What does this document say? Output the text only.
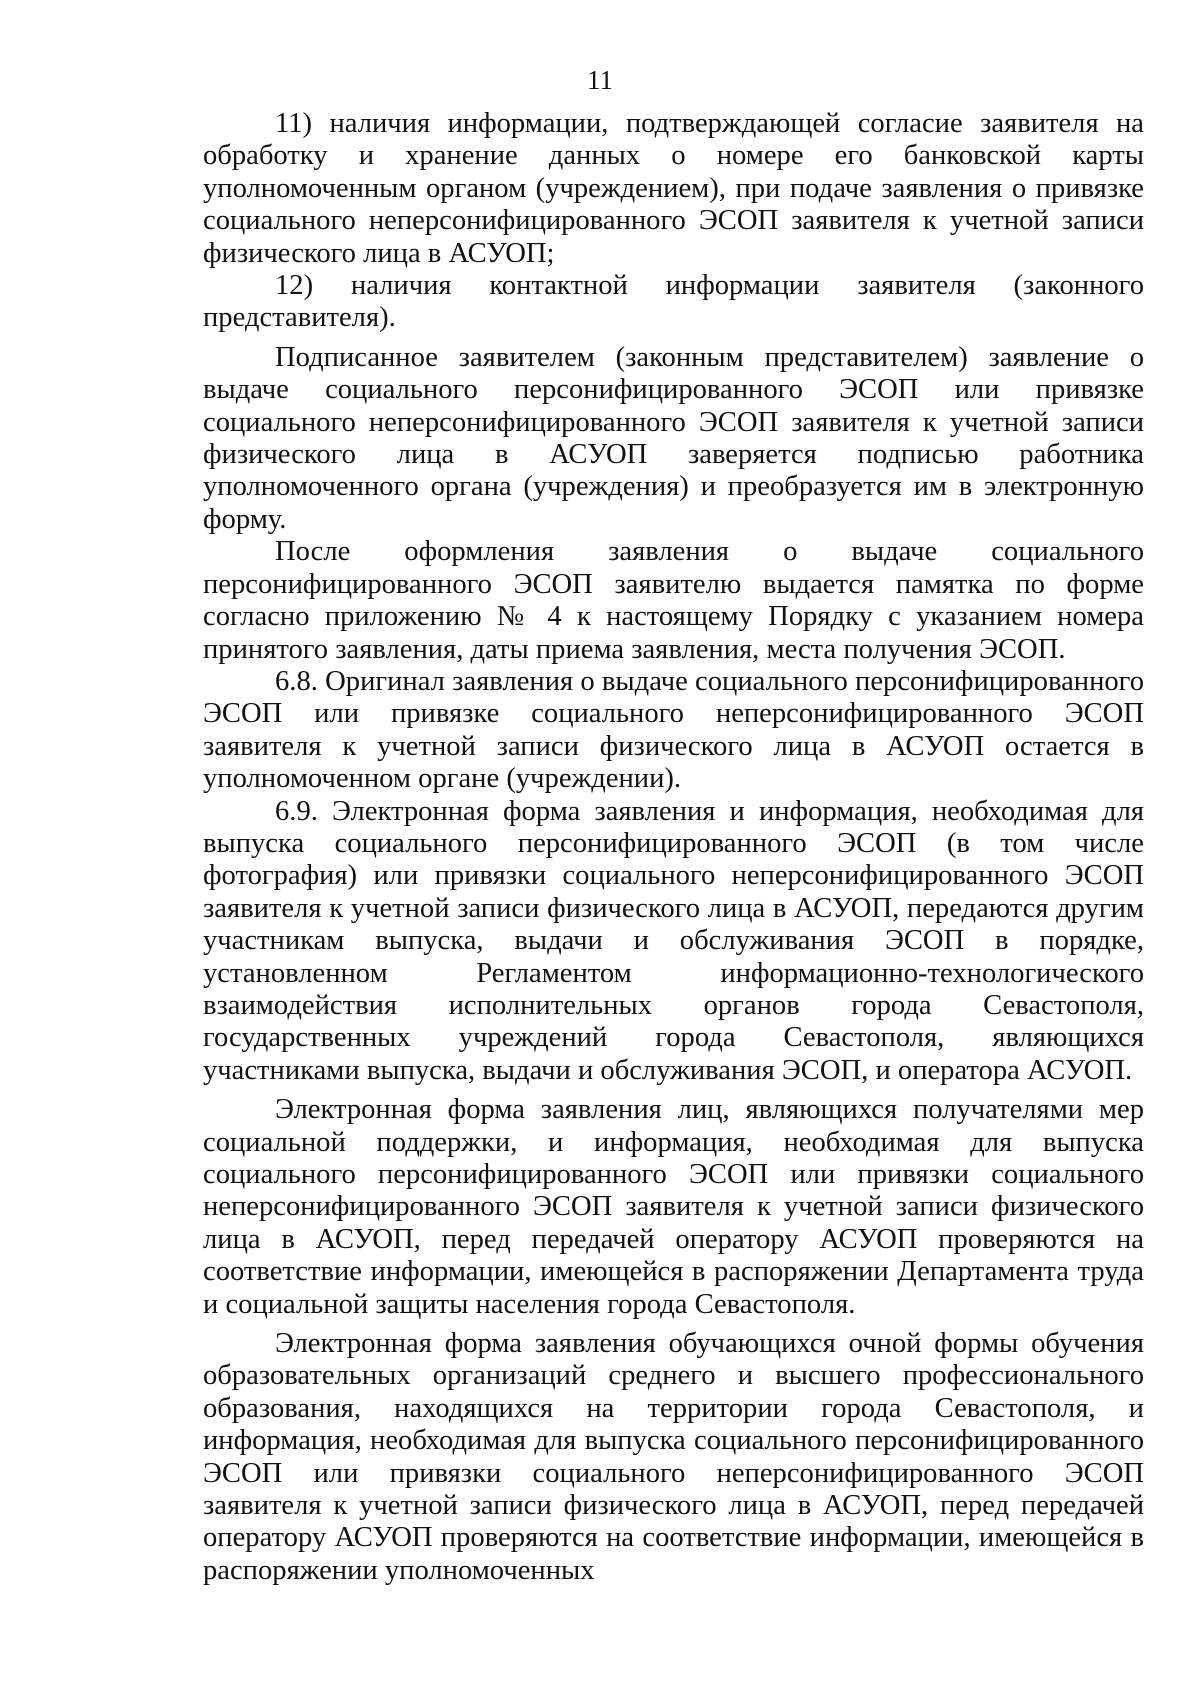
11

11) наличия информации, подтверждающей согласие заявителя на обработку и хранение данных о номере его банковской карты уполномоченным органом (учреждением), при подаче заявления о привязке социального неперсонифицированного ЭСОП заявителя к учетной записи физического лица в АСУОП;

12) наличия контактной информации заявителя (законного представителя).

Подписанное заявителем (законным представителем) заявление о выдаче социального персонифицированного ЭСОП или привязке социального неперсонифицированного ЭСОП заявителя к учетной записи физического лица в АСУОП заверяется подписью работника уполномоченного органа (учреждения) и преобразуется им в электронную форму.

После оформления заявления о выдаче социального персонифицированного ЭСОП заявителю выдается памятка по форме согласно приложению № 4 к настоящему Порядку с указанием номера принятого заявления, даты приема заявления, места получения ЭСОП.

6.8. Оригинал заявления о выдаче социального персонифицированного ЭСОП или привязке социального неперсонифицированного ЭСОП заявителя к учетной записи физического лица в АСУОП остается в уполномоченном органе (учреждении).

6.9. Электронная форма заявления и информация, необходимая для выпуска социального персонифицированного ЭСОП (в том числе фотография) или привязки социального неперсонифицированного ЭСОП заявителя к учетной записи физического лица в АСУОП, передаются другим участникам выпуска, выдачи и обслуживания ЭСОП в порядке, установленном Регламентом информационно-технологического взаимодействия исполнительных органов города Севастополя, государственных учреждений города Севастополя, являющихся участниками выпуска, выдачи и обслуживания ЭСОП, и оператора АСУОП.

Электронная форма заявления лиц, являющихся получателями мер социальной поддержки, и информация, необходимая для выпуска социального персонифицированного ЭСОП или привязки социального неперсонифицированного ЭСОП заявителя к учетной записи физического лица в АСУОП, перед передачей оператору АСУОП проверяются на соответствие информации, имеющейся в распоряжении Департамента труда и социальной защиты населения города Севастополя.

Электронная форма заявления обучающихся очной формы обучения образовательных организаций среднего и высшего профессионального образования, находящихся на территории города Севастополя, и информация, необходимая для выпуска социального персонифицированного ЭСОП или привязки социального неперсонифицированного ЭСОП заявителя к учетной записи физического лица в АСУОП, перед передачей оператору АСУОП проверяются на соответствие информации, имеющейся в распоряжении уполномоченных
